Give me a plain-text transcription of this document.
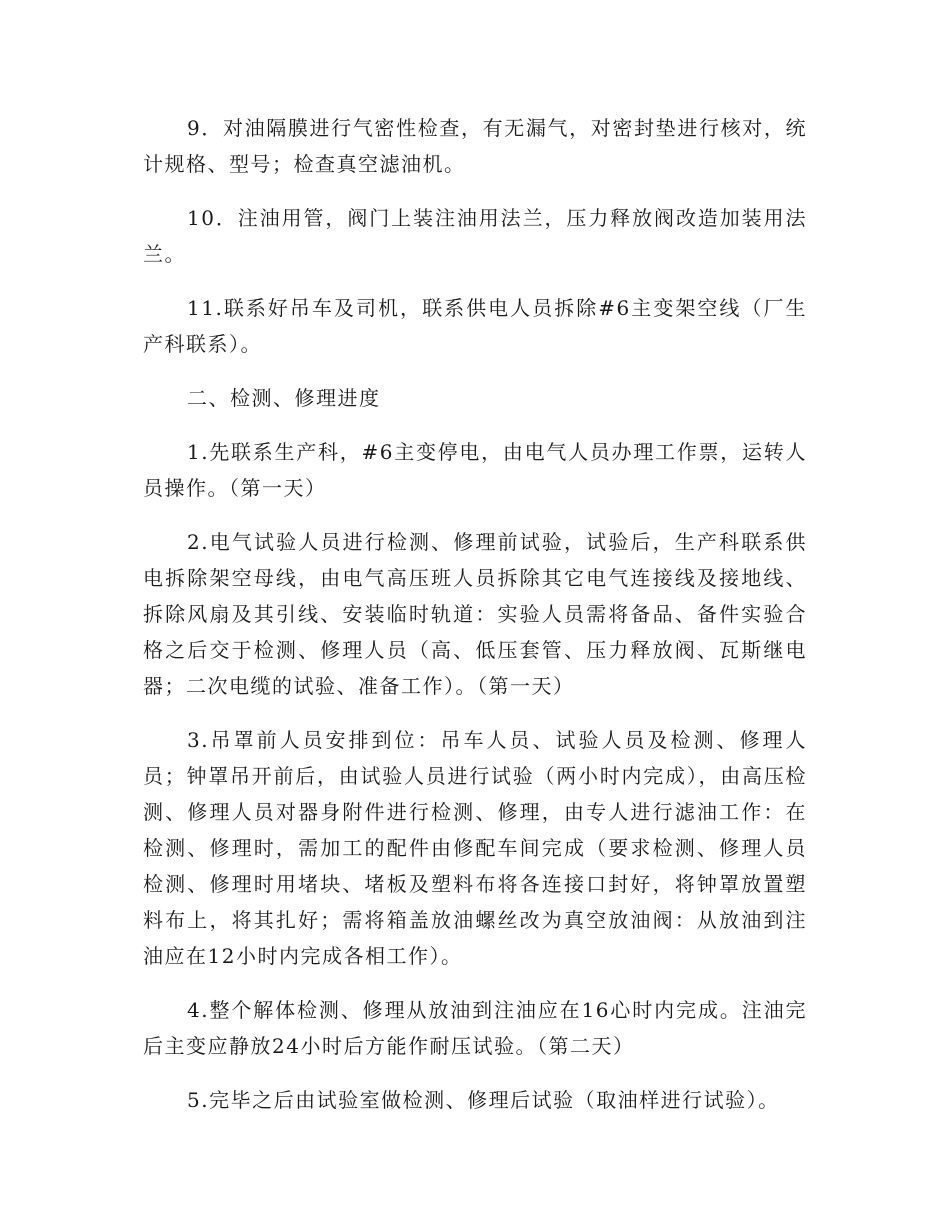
9．对油隔膜进行气密性检查，有无漏气，对密封垫进行核对，统计规格、型号；检查真空滤油机。

10．注油用管，阀门上装注油用法兰，压力释放阀改造加装用法兰。

11.联系好吊车及司机，联系供电人员拆除#6主变架空线（厂生产科联系）。

二、检测、修理进度

1.先联系生产科，#6主变停电，由电气人员办理工作票，运转人员操作。（第一天）

2.电气试验人员进行检测、修理前试验，试验后，生产科联系供电拆除架空母线，由电气高压班人员拆除其它电气连接线及接地线、拆除风扇及其引线、安装临时轨道：实验人员需将备品、备件实验合格之后交于检测、修理人员（高、低压套管、压力释放阀、瓦斯继电器；二次电缆的试验、准备工作）。（第一天）

3.吊罩前人员安排到位：吊车人员、试验人员及检测、修理人员；钟罩吊开前后，由试验人员进行试验（两小时内完成），由高压检测、修理人员对器身附件进行检测、修理，由专人进行滤油工作：在检测、修理时，需加工的配件由修配车间完成（要求检测、修理人员检测、修理时用堵块、堵板及塑料布将各连接口封好，将钟罩放置塑料布上，将其扎好；需将箱盖放油螺丝改为真空放油阀：从放油到注油应在12小时内完成各相工作）。

4.整个解体检测、修理从放油到注油应在16心时内完成。注油完后主变应静放24小时后方能作耐压试验。（第二天）

5.完毕之后由试验室做检测、修理后试验（取油样进行试验）。
